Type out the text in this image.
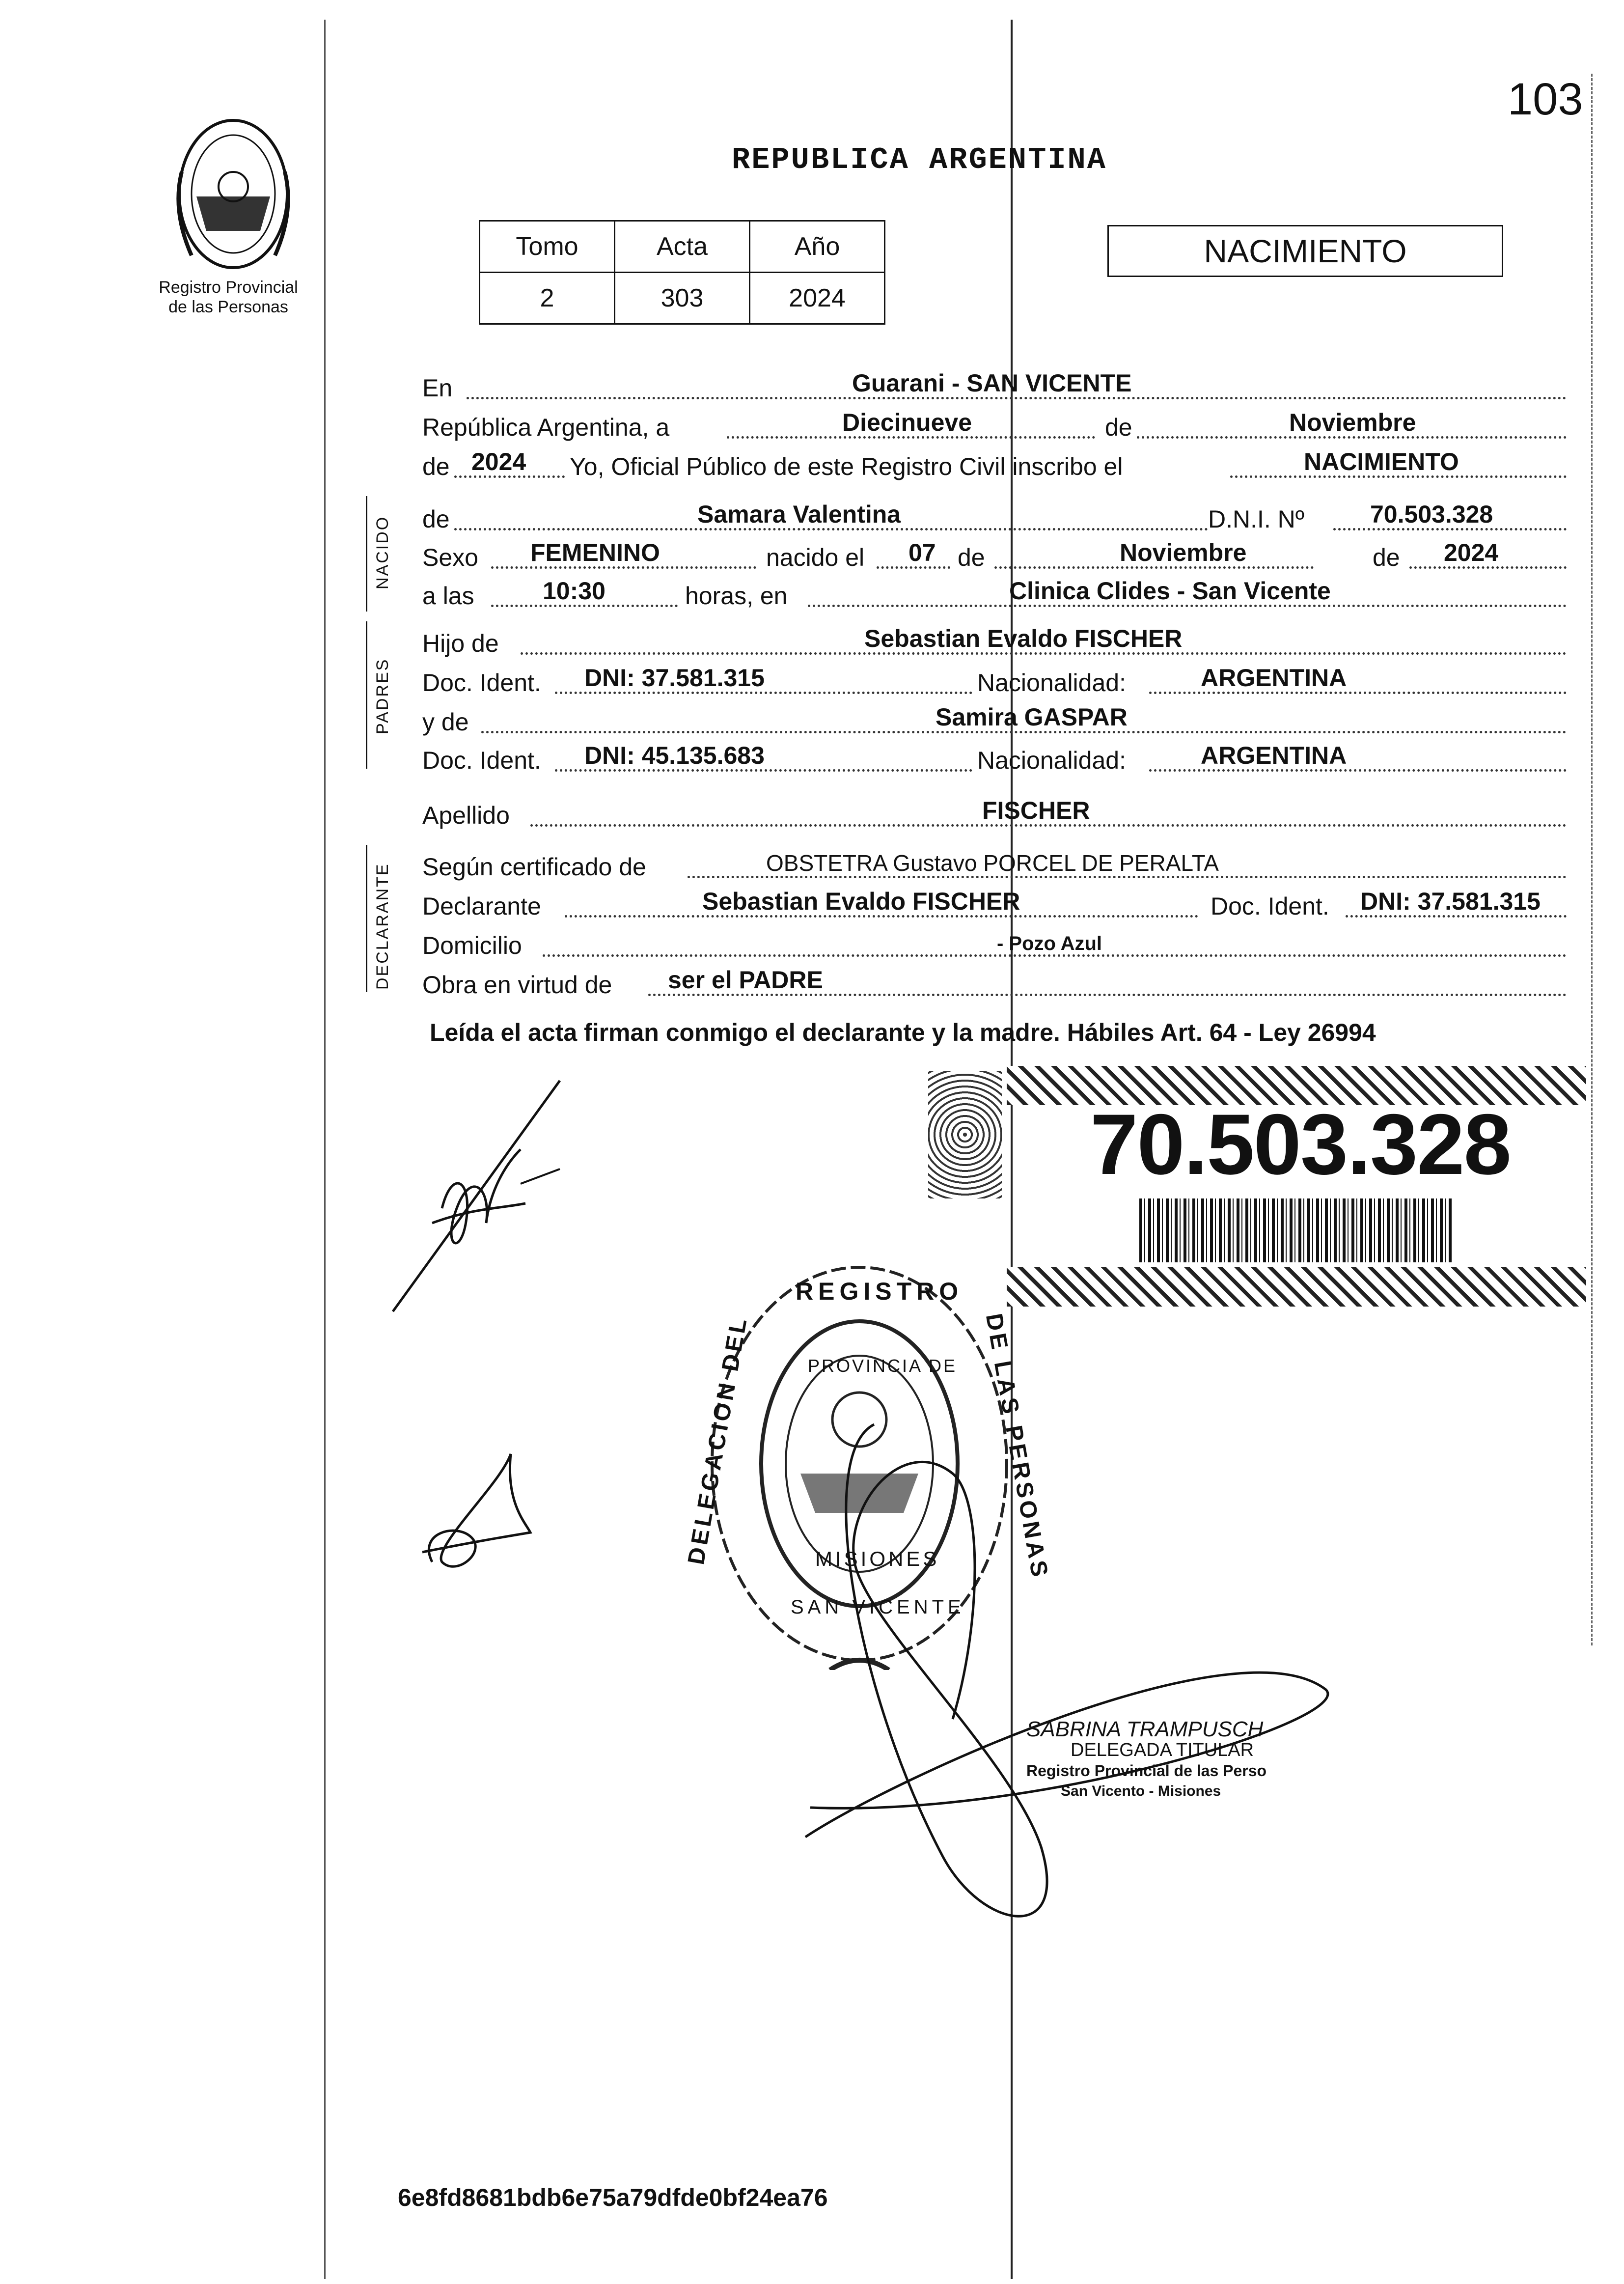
103
Registro Provincial
de las Personas
REPUBLICA ARGENTINA
Tomo	Acta	Año
2	303	2024
NACIMIENTO
NACIDO
PADRES
DECLARANTE
En	Guarani - SAN VICENTE
República Argentina, a	Diecinueve	de	Noviembre
de 2024 Yo, Oficial Público de este Registro Civil inscribo el	NACIMIENTO
de	Samara Valentina	D.N.I. Nº	70.503.328
Sexo FEMENINO	nacido el 07 de	Noviembre	de 2024
a las	10:30	horas, en	Clinica Clides - San Vicente
Hijo de	Sebastian Evaldo FISCHER
Doc. Ident. DNI: 37.581.315	Nacionalidad:	ARGENTINA
y de	Samira GASPAR
Doc. Ident. DNI: 45.135.683	Nacionalidad:	ARGENTINA
Apellido	FISCHER
Según certificado de	OBSTETRA Gustavo PORCEL DE PERALTA
Declarante	Sebastian Evaldo FISCHER	Doc. Ident. DNI: 37.581.315
Domicilio	- Pozo Azul
Obra en virtud de ser el PADRE
Leída el acta firman conmigo el declarante y la madre. Hábiles Art. 64 - Ley 26994
70.503.328
REGISTRO
DELEGACION DEL	DE LAS PERSONAS
SAN VICENTE
PROVINCIA DE
MISIONES
SABRINA TRAMPUSCH
DELEGADA TITULAR
Registro Provincial de las Perso
San Vicento - Misiones
6e8fd8681bdb6e75a79dfde0bf24ea76
